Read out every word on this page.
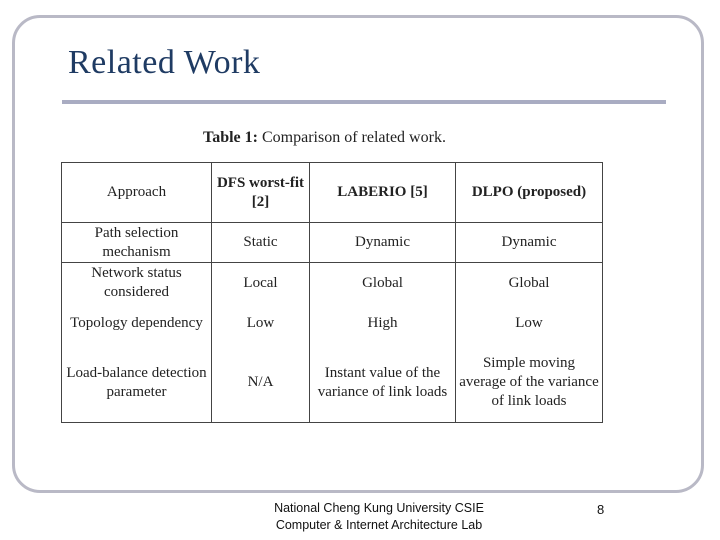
Related Work
Table 1: Comparison of related work.
Approach	DFS worst-fit [2]	LABERIO [5]	DLPO (proposed)
Path selection mechanism	Static	Dynamic	Dynamic
Network status considered	Local	Global	Global
Topology dependency	Low	High	Low
Load-balance detection parameter	N/A	Instant value of the variance of link loads	Simple moving average of the variance of link loads
National Cheng Kung University CSIE
Computer & Internet Architecture Lab
8
